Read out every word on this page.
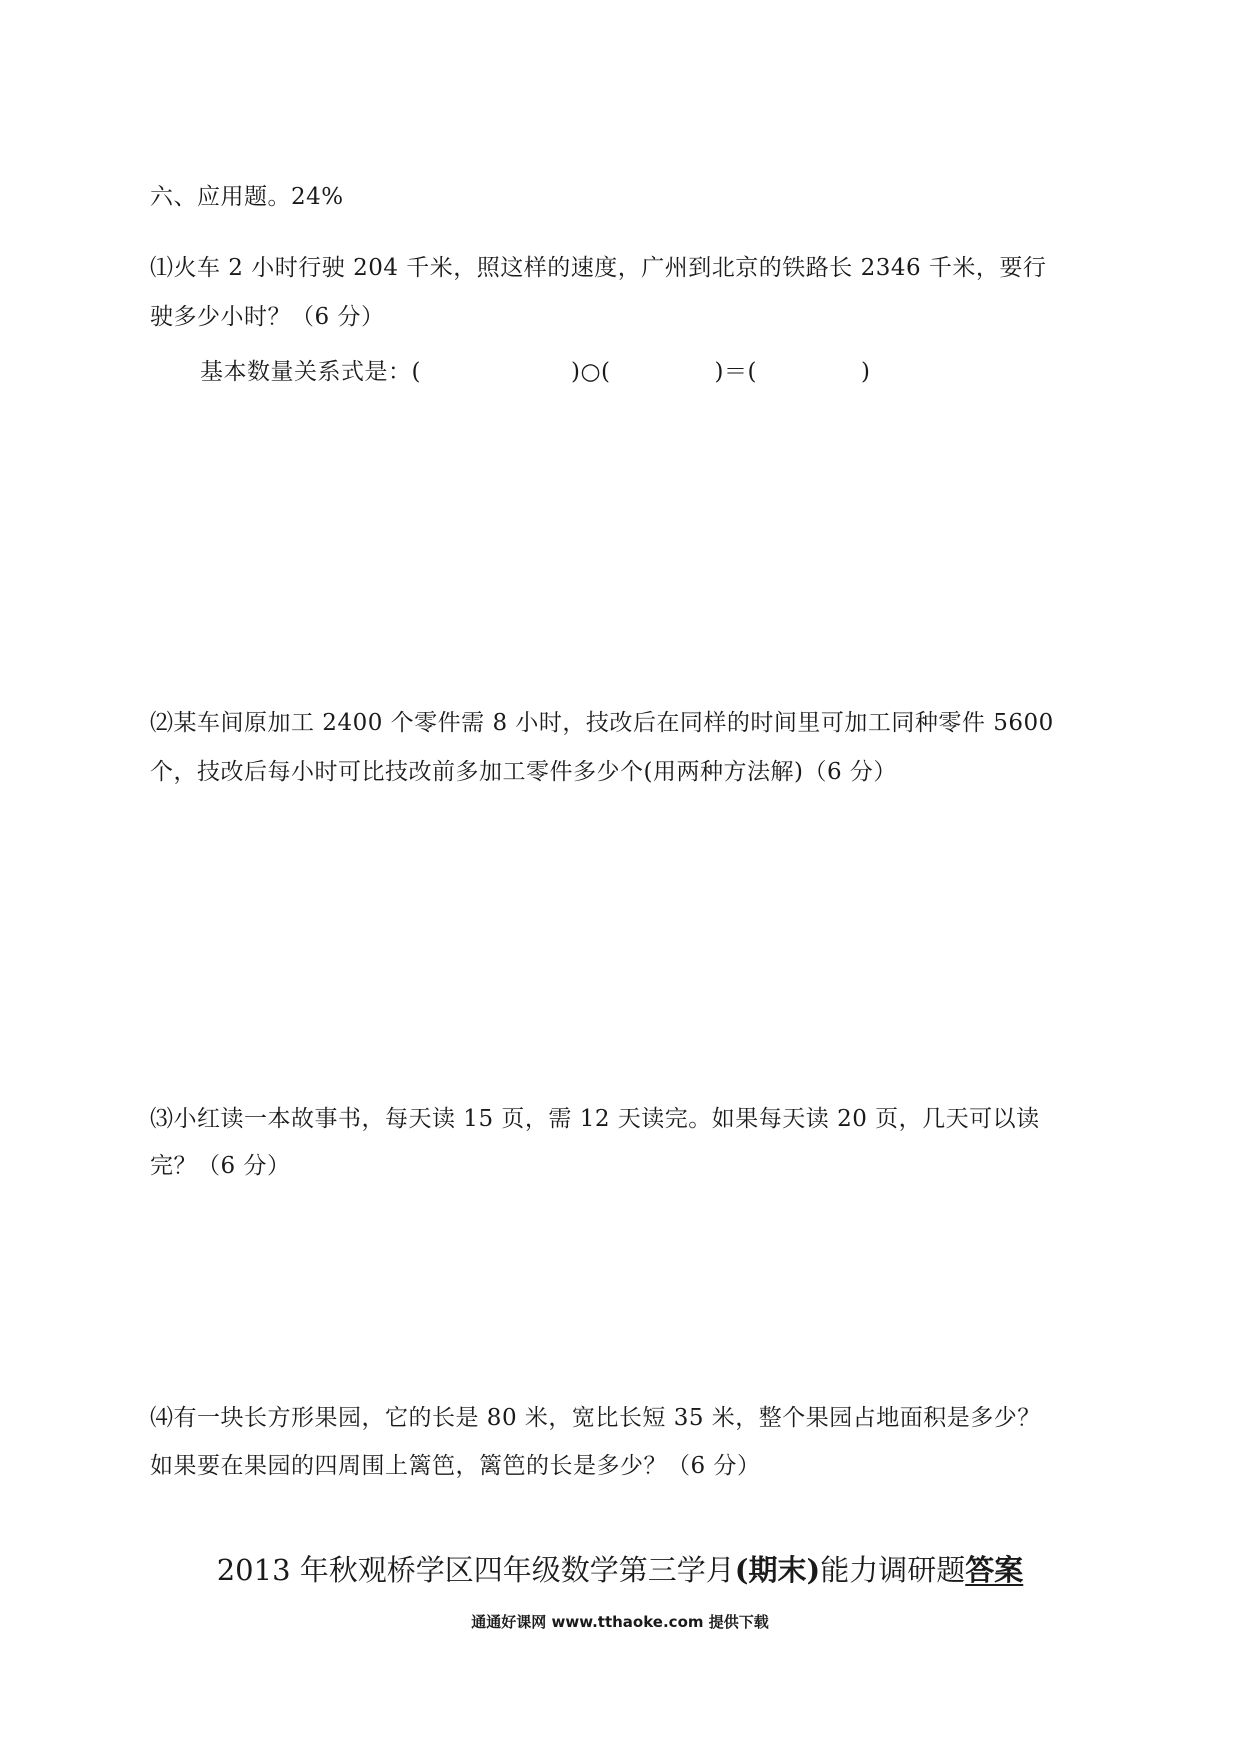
六、应用题。24%
⑴火车 2 小时行驶 204 千米，照这样的速度，广州到北京的铁路长 2346 千米，要行
驶多少小时？（6 分）
基本数量关系式是：(	)○(	)＝(	)
⑵某车间原加工 2400 个零件需 8 小时，技改后在同样的时间里可加工同种零件 5600
个，技改后每小时可比技改前多加工零件多少个(用两种方法解)（6 分）
⑶小红读一本故事书，每天读 15 页，需 12 天读完。如果每天读 20 页，几天可以读
完？（6 分）
⑷有一块长方形果园，它的长是 80 米，宽比长短 35 米，整个果园占地面积是多少？
如果要在果园的四周围上篱笆，篱笆的长是多少？（6 分）
2013 年秋观桥学区四年级数学第三学月(期末)能力调研题答案
通通好课网 www.tthaoke.com 提供下载
